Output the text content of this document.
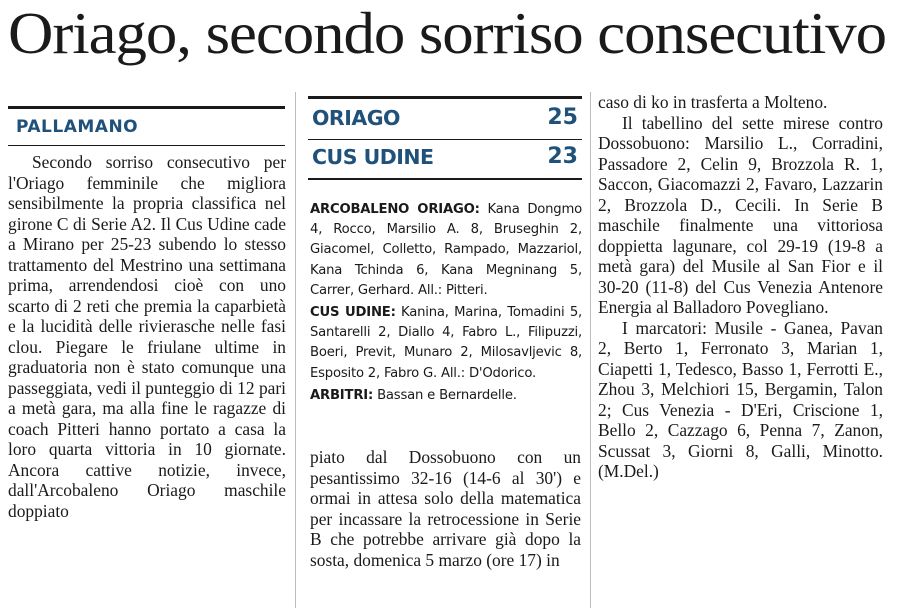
Oriago, secondo sorriso consecutivo
PALLAMANO
Secondo sorriso consecutivo per l'Oriago femminile che migliora sensibilmente la propria classifica nel girone C di Serie A2. Il Cus Udine cade a Mirano per 25-23 subendo lo stesso trattamento del Mestrino una settimana prima, arrendendosi cioè con uno scarto di 2 reti che premia la caparbietà e la lucidità delle rivierasche nelle fasi clou. Piegare le friulane ultime in graduatoria non è stato comunque una passeggiata, vedi il punteggio di 12 pari a metà gara, ma alla fine le ragazze di coach Pitteri hanno portato a casa la loro quarta vittoria in 10 giornate. Ancora cattive notizie, invece, dall'Arcobaleno Oriago maschile doppiato
ORIAGO	25
CUS UDINE	23

ARCOBALENO ORIAGO: Kana Dongmo 4, Rocco, Marsilio A. 8, Bruseghin 2, Giacomel, Colletto, Rampado, Mazzariol, Kana Tchinda 6, Kana Megninang 5, Carrer, Gerhard. All.: Pitteri.

CUS UDINE: Kanina, Marina, Tomadini 5, Santarelli 2, Diallo 4, Fabro L., Filipuzzi, Boeri, Previt, Munaro 2, Milosavljevic 8, Esposito 2, Fabro G. All.: D'Odorico.

ARBITRI: Bassan e Bernardelle.

piato dal Dossobuono con un pesantissimo 32-16 (14-6 al 30') e ormai in attesa solo della matematica per incassare la retrocessione in Serie B che potrebbe arrivare già dopo la sosta, domenica 5 marzo (ore 17) in

caso di ko in trasferta a Molteno.

Il tabellino del sette mirese contro Dossobuono: Marsilio L., Corradini, Passadore 2, Celin 9, Brozzola R. 1, Saccon, Giacomazzi 2, Favaro, Lazzarin 2, Brozzola D., Cecili. In Serie B maschile finalmente una vittoriosa doppietta lagunare, col 29-19 (19-8 a metà gara) del Musile al San Fior e il 30-20 (11-8) del Cus Venezia Antenore Energia al Balladoro Povegliano.

I marcatori: Musile - Ganea, Pavan 2, Berto 1, Ferronato 3, Marian 1, Ciapetti 1, Tedesco, Basso 1, Ferrotti E., Zhou 3, Melchiori 15, Bergamin, Talon 2; Cus Venezia - D'Eri, Criscione 1, Bello 2, Cazzago 6, Penna 7, Zanon, Scussat 3, Giorni 8, Galli, Minotto. (M.Del.)
